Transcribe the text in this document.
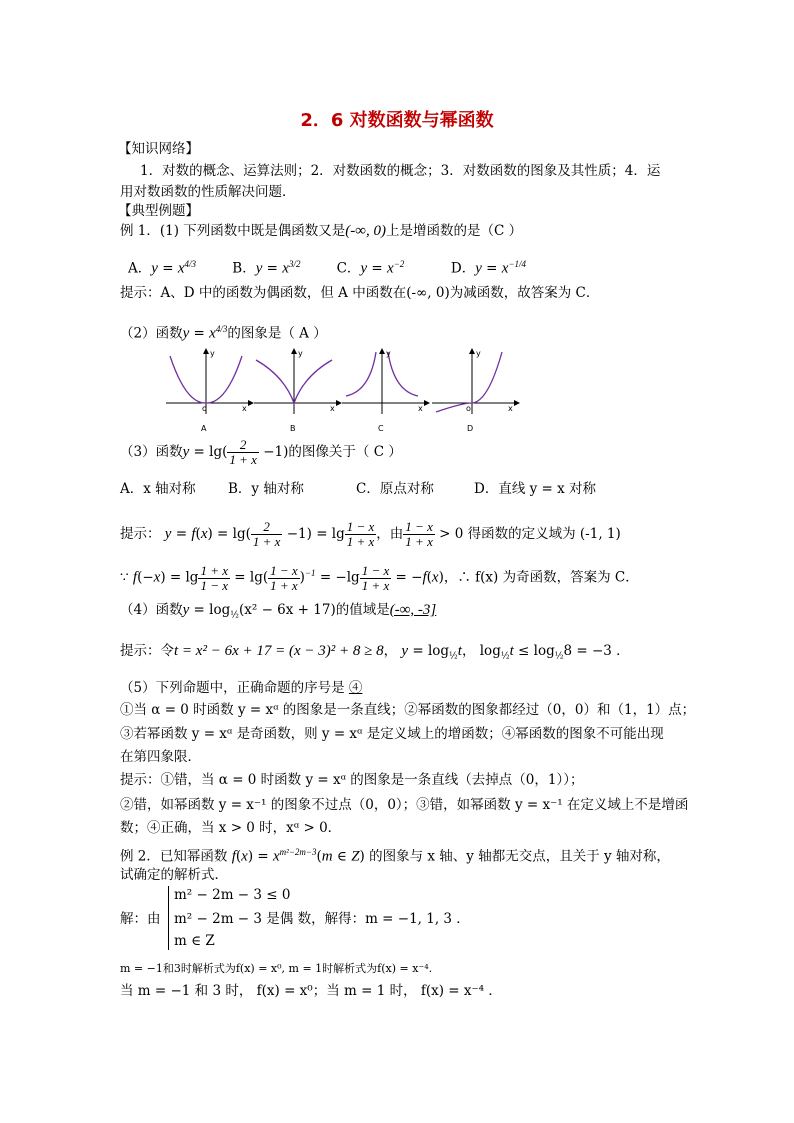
2．6 对数函数与幂函数
【知识网络】
1．对数的概念、运算法则；2．对数函数的概念；3．对数函数的图象及其性质；4．运
用对数函数的性质解决问题．
【典型例题】
例 1．(1) 下列函数中既是偶函数又是(-∞, 0)上是增函数的是（C ）
A．$y = x^{4/3}$	B．$y = x^{3/2}$	C．$y = x^{-2}$	D．$y = x^{-1/4}$
提示：A、D 中的函数为偶函数，但 A 中函数在(-∞, 0)为减函数，故答案为 C．
（2）函数$y = x^{4/3}$的图象是（ A ）
y
x
o
A
y
x
B
y
x
C
y
x
o
D
（3）函数$y = \lg( \frac{2}{1 + x} -1)$的图像关于（ C ）
A．x 轴对称 B．y 轴对称	C．原点对称	D．直线 y = x 对称
提示： $y = f(x) = \lg( \frac{2}{1 + x} -1) = \lg \frac{1 - x}{1 + x}$ ，由 $\frac{1 - x}{1 + x} > 0$ 得函数的定义域为 (-1, 1)
∵ $f(-x) = \lg \frac{1 + x}{1 - x} = \lg( \frac{1 - x}{1 + x} )^{-1} = -\lg \frac{1 - x}{1 + x} = -f(x)$，∴ f(x) 为奇函数，答案为 C．
（4）函数$y = \log_{\frac{1}{2}}(x^2 - 6x + 17)$的值域是(-∞, -3]
提示：令t = x² − 6x + 17 = (x − 3)² + 8 ≥ 8， $y = \log_{\frac{1}{2}}t$， $\log_{\frac{1}{2}}t \le \log_{\frac{1}{2}}8 = -3$ ．
（5）下列命题中，正确命题的序号是 ④
①当 α = 0 时函数 y = xᵅ 的图象是一条直线；②幂函数的图象都经过（0，0）和（1，1）点；
③若幂函数 y = xᵅ 是奇函数，则 y = xᵅ 是定义域上的增函数；④幂函数的图象不可能出现
在第四象限．
提示：①错，当 α = 0 时函数 y = xᵅ 的图象是一条直线（去掉点（0，1））；
②错，如幂函数 y = x⁻¹ 的图象不过点（0，0）；③错，如幂函数 y = x⁻¹ 在定义域上不是增函
数；④正确，当 x > 0 时，xᵅ > 0．
例 2．已知幂函数 $f(x) = x^{m^2-2m-3}(m$ ∈ Z) 的图象与 x 轴、y 轴都无交点，且关于 y 轴对称，
试确定的解析式．
解：由
m² − 2m − 3 ≤ 0
m² − 2m − 3 是偶 数，解得：m = −1, 1, 3 ．
m ∈ Z
m = −1和3时解析式为f(x) = x⁰, m = 1时解析式为f(x) = x⁻⁴.
当 m = −1 和 3 时， f(x) = x⁰；当 m = 1 时， f(x) = x⁻⁴ ．
